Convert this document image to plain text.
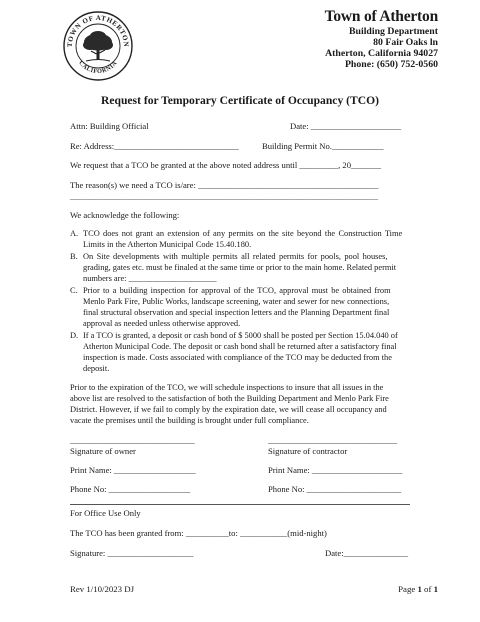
TOWN OF ATHERTON
CALIFORNIA
Town of Atherton
Building Department
80 Fair Oaks ln
Atherton, California 94027
Phone: (650) 752-0560
Request for Temporary Certificate of Occupancy (TCO)
Attn: Building Official	Date: _____________________
Re: Address:_____________________________	Building Permit No.____________
We request that a TCO be granted at the above noted address until _________, 20_______
The reason(s) we need a TCO is/are: __________________________________________
_______________________________________________________________________________
We acknowledge the following:
A. TCO does not grant an extension of any permits on the site beyond the Construction Time
Limits in the Atherton Municipal Code 15.40.180.
B. On Site developments with multiple permits all related permits for pools, pool houses,
grading, gates etc. must be finaled at the same time or prior to the main home. Related permit
numbers are: _____________________
C. Prior to a building inspection for approval of the TCO, approval must be obtained from
Menlo Park Fire, Public Works, landscape screening, water and sewer for new connections,
final structural observation and special inspection letters and the Planning Department final
approval as needed unless otherwise approved.
D. If a TCO is granted, a deposit or cash bond of $ 5000 shall be posted per Section 15.04.040 of
Atherton Municipal Code. The deposit or cash bond shall be returned after a satisfactory final
inspection is made. Costs associated with compliance of the TCO may be deducted from the
deposit.
Prior to the expiration of the TCO, we will schedule inspections to insure that all issues in the
above list are resolved to the satisfaction of both the Building Department and Menlo Park Fire
District. However, if we fail to comply by the expiration date, we will cease all occupancy and
vacate the premises until the building is brought under full compliance.
_____________________________	______________________________
Signature of owner	Signature of contractor
Print Name: ___________________	Print Name: _____________________
Phone No: ___________________	Phone No: ______________________
For Office Use Only
The TCO has been granted from: __________to: ___________(mid-night)
Signature: ____________________	Date:_______________
Rev 1/10/2023 DJ	Page 1 of 1
